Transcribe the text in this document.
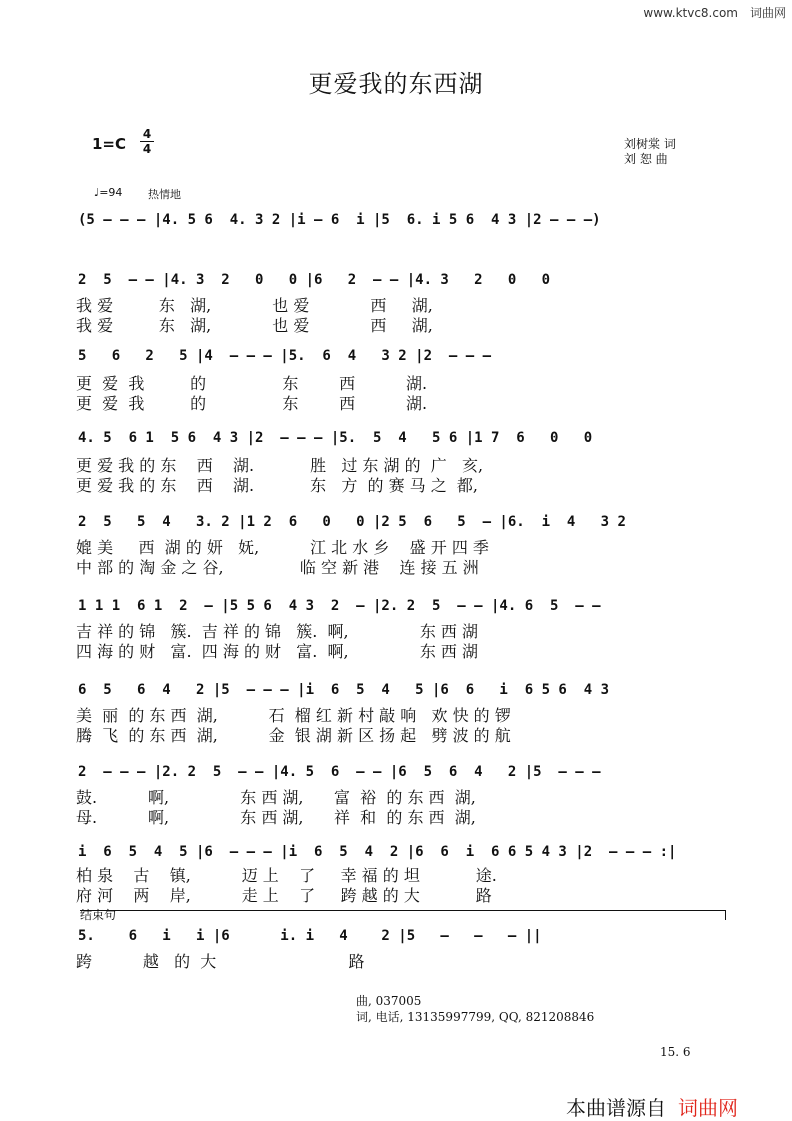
www.ktvc8.com　词曲网
更爱我的东西湖
1=C
4
4	刘树棠 词
刘 恕 曲
♩=94 热情地
(5 – – – |4. 5 6  4. 3 2 |i – 6  i |5  6. i 5 6  4 3 |2 – – –)
2  5  – – |4. 3  2   0   0 |6   2  – – |4. 3   2   0   0
我 爱         东   湖,            也 爱            西     湖,
我 爱         东   湖,            也 爱            西     湖,
5   6   2   5 |4  – – – |5.  6  4   3 2 |2  – – –
更  爱  我         的               东        西          湖.
更  爱  我         的               东        西          湖.
4. 5  6 1  5 6  4 3 |2  – – – |5.  5  4   5 6 |1 7  6   0   0
更 爱 我 的 东    西    湖.           胜   过 东 湖 的  广   亥,
更 爱 我 的 东    西    湖.           东   方  的 赛 马 之  都,
2  5   5  4   3. 2 |1 2  6   0   0 |2 5  6   5  – |6.  i  4   3 2
媲 美     西  湖 的 妍   妩,          江 北 水 乡    盛 开 四 季
中 部 的 淘 金 之 谷,               临 空 新 港    连 接 五 洲
1 1 1  6 1  2  – |5 5 6  4 3  2  – |2. 2  5  – – |4. 6  5  – –
吉 祥 的 锦   簇.  吉 祥 的 锦   簇.  啊,              东 西 湖
四 海 的 财   富.  四 海 的 财   富.  啊,              东 西 湖
6  5   6  4   2 |5  – – – |i  6  5  4   5 |6  6   i  6 5 6  4 3
美  丽  的 东 西  湖,          石  榴 红 新 村 敲 响   欢 快 的 锣
腾  飞  的 东 西  湖,          金  银 湖 新 区 扬 起   劈 波 的 航
2  – – – |2. 2  5  – – |4. 5  6  – – |6  5  6  4   2 |5  – – –
鼓.          啊,              东 西 湖,      富  裕  的 东 西  湖,
母.          啊,              东 西 湖,      祥  和  的 东 西  湖,
i  6  5  4  5 |6  – – – |i  6  5  4  2 |6  6  i  6 6 5 4 3 |2  – – – :|
柏 泉    古    镇,          迈 上    了     幸 福 的 坦           途.
府 河    两    岸,          走 上    了     跨 越 的 大           路
结束句
5.    6   i   i |6      i. i   4    2 |5   –   –   – ||
跨          越   的  大                          路
曲, 037005
词, 电话, 13135997799, QQ, 821208846
15. 6
本曲谱源自 词曲网
